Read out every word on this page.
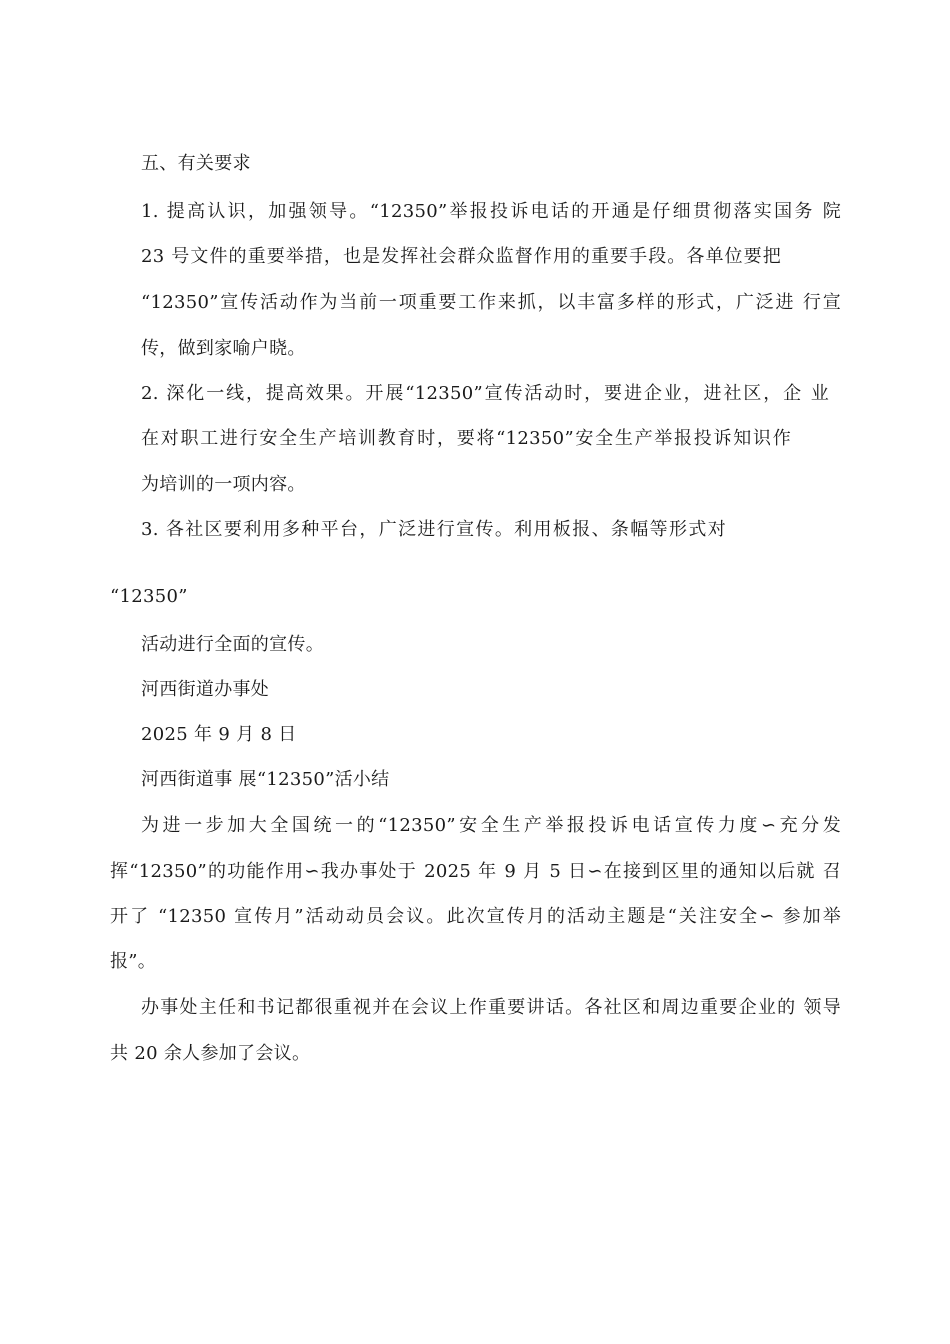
五、有关要求
1. 提高认识，加强领导。“12350”举报投诉电话的开通是仔细贯彻落实国务 院
23 号文件的重要举措，也是发挥社会群众监督作用的重要手段。各单位要把
“12350”宣传活动作为当前一项重要工作来抓，以丰富多样的形式，广泛进 行宣
传，做到家喻户晓。
2. 深化一线，提高效果。开展“12350”宣传活动时，要进企业，进社区，企 业
在对职工进行安全生产培训教育时，要将“12350”安全生产举报投诉知识作
为培训的一项内容。
3. 各社区要利用多种平台，广泛进行宣传。利用板报、条幅等形式对
“12350”
活动进行全面的宣传。
河西街道办事处
2025 年 9 月 8 日
河西街道事 展“12350”活小结
为进一步加大全国统一的“12350”安全生产举报投诉电话宣传力度∽充分发
挥“12350”的功能作用∽我办事处于 2025 年 9 月 5 日∽在接到区里的通知以后就 召
开了 “12350 宣传月”活动动员会议。此次宣传月的活动主题是“关注安全∽ 参加举
报”。
办事处主任和书记都很重视并在会议上作重要讲话。各社区和周边重要企业的 领导
共 20 余人参加了会议。
